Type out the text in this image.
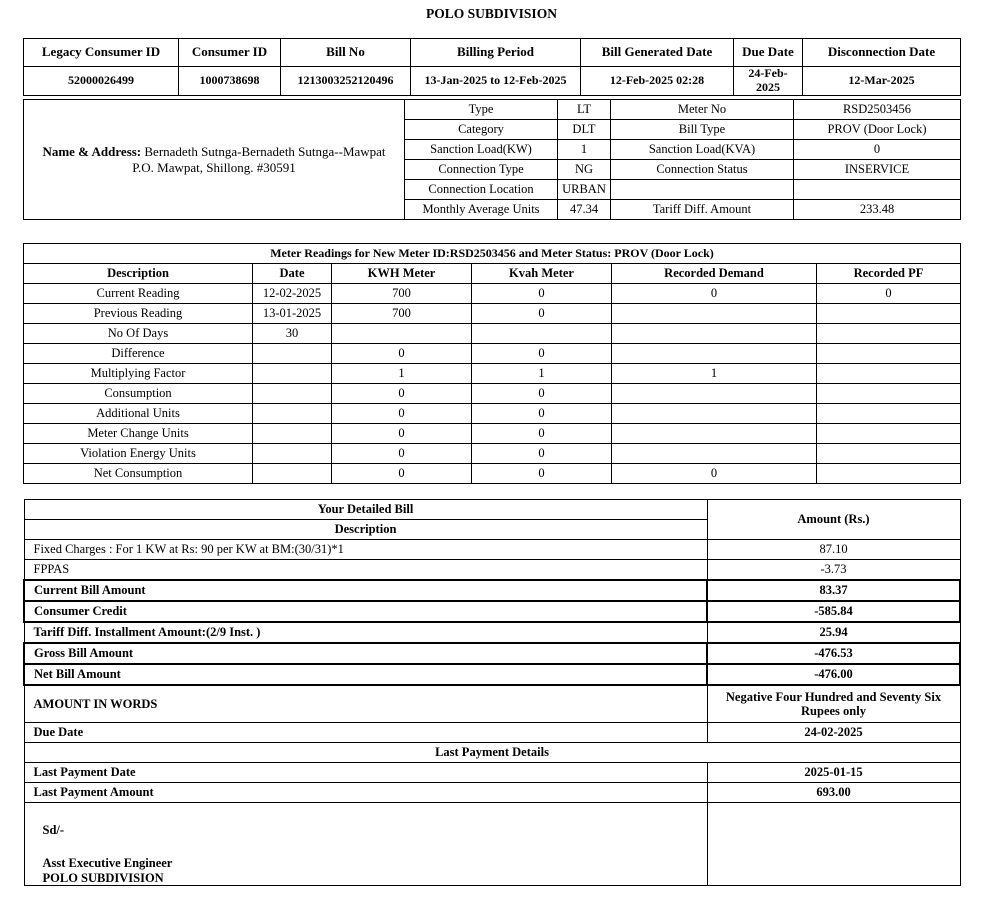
POLO SUBDIVISION
Legacy Consumer ID	Consumer ID	Bill No	Billing Period	Bill Generated Date	Due Date	Disconnection Date
52000026499	1000738698	1213003252120496	13-Jan-2025 to 12-Feb-2025	12-Feb-2025 02:28	24-Feb-2025	12-Mar-2025
Name & Address: Bernadeth Sutnga-Bernadeth Sutnga--Mawpat
P.O. Mawpat, Shillong. #30591
Type	LT	Meter No	RSD2503456
Category	DLT	Bill Type	PROV (Door Lock)
Sanction Load(KW)	1	Sanction Load(KVA)	0
Connection Type	NG	Connection Status	INSERVICE
Connection Location	URBAN		
Monthly Average Units	47.34	Tariff Diff. Amount	233.48
Meter Readings for New Meter ID:RSD2503456 and Meter Status: PROV (Door Lock)					
Description	Date	KWH Meter	Kvah Meter	Recorded Demand	Recorded PF
Current Reading	12-02-2025	700	0	0	0
Previous Reading	13-01-2025	700	0		
No Of Days	30				
Difference		0	0		
Multiplying Factor		1	1	1	
Consumption		0	0		
Additional Units		0	0		
Meter Change Units		0	0		
Violation Energy Units		0	0		
Net Consumption		0	0	0	
Your Detailed Bill	Amount (Rs.)
Description	
Fixed Charges : For 1 KW at Rs: 90 per KW at BM:(30/31)*1	87.10
FPPAS	-3.73
Current Bill Amount	83.37
Consumer Credit	-585.84
Tariff Diff. Installment Amount:(2/9 Inst. )	25.94
Gross Bill Amount	-476.53
Net Bill Amount	-476.00
AMOUNT IN WORDS	Negative Four Hundred and Seventy Six Rupees only
Due Date	24-02-2025
Last Payment Details	
Last Payment Date	2025-01-15
Last Payment Amount	693.00

Sd/-
Asst Executive Engineer
POLO SUBDIVISION	
